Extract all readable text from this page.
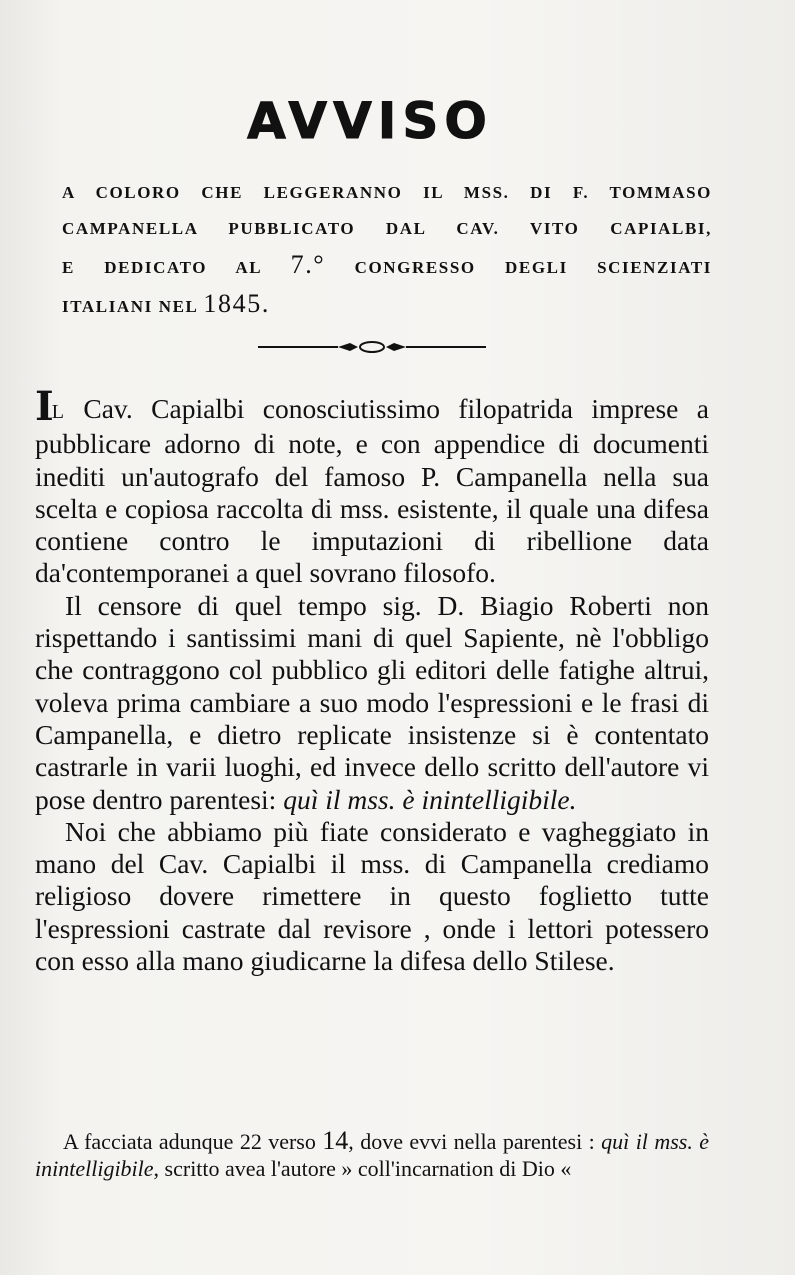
AVVISO
A COLORO CHE LEGGERANNO IL MSS. DI F. TOMMASO
CAMPANELLA PUBBLICATO DAL CAV. VITO CAPIALBI,
E DEDICATO AL 7.° CONGRESSO DEGLI SCIENZIATI
ITALIANI NEL 1845.

IL Cav. Capialbi conosciutissimo filopatrida imprese a pubblicare adorno di note, e con appendice di documenti inediti un'autografo del famoso P. Campanella nella sua scelta e copiosa raccolta di mss. esistente, il quale una difesa contiene contro le imputazioni di ribellione data da'contemporanei a quel sovrano filosofo.

Il censore di quel tempo sig. D. Biagio Roberti non rispettando i santissimi mani di quel Sapiente, nè l'obbligo che contraggono col pubblico gli editori delle fatighe altrui, voleva prima cambiare a suo modo l'espressioni e le frasi di Campanella, e dietro replicate insistenze si è contentato castrarle in varii luoghi, ed invece dello scritto dell'autore vi pose dentro parentesi: quì il mss. è inintelligibile.

Noi che abbiamo più fiate considerato e vagheggiato in mano del Cav. Capialbi il mss. di Campanella crediamo religioso dovere rimettere in questo foglietto tutte l'espressioni castrate dal revisore , onde i lettori potessero con esso alla mano giudicarne la difesa dello Stilese.

A facciata adunque 22 verso 14, dove evvi nella parentesi : quì il mss. è inintelligibile, scritto avea l'autore » coll'incarnation di Dio «
